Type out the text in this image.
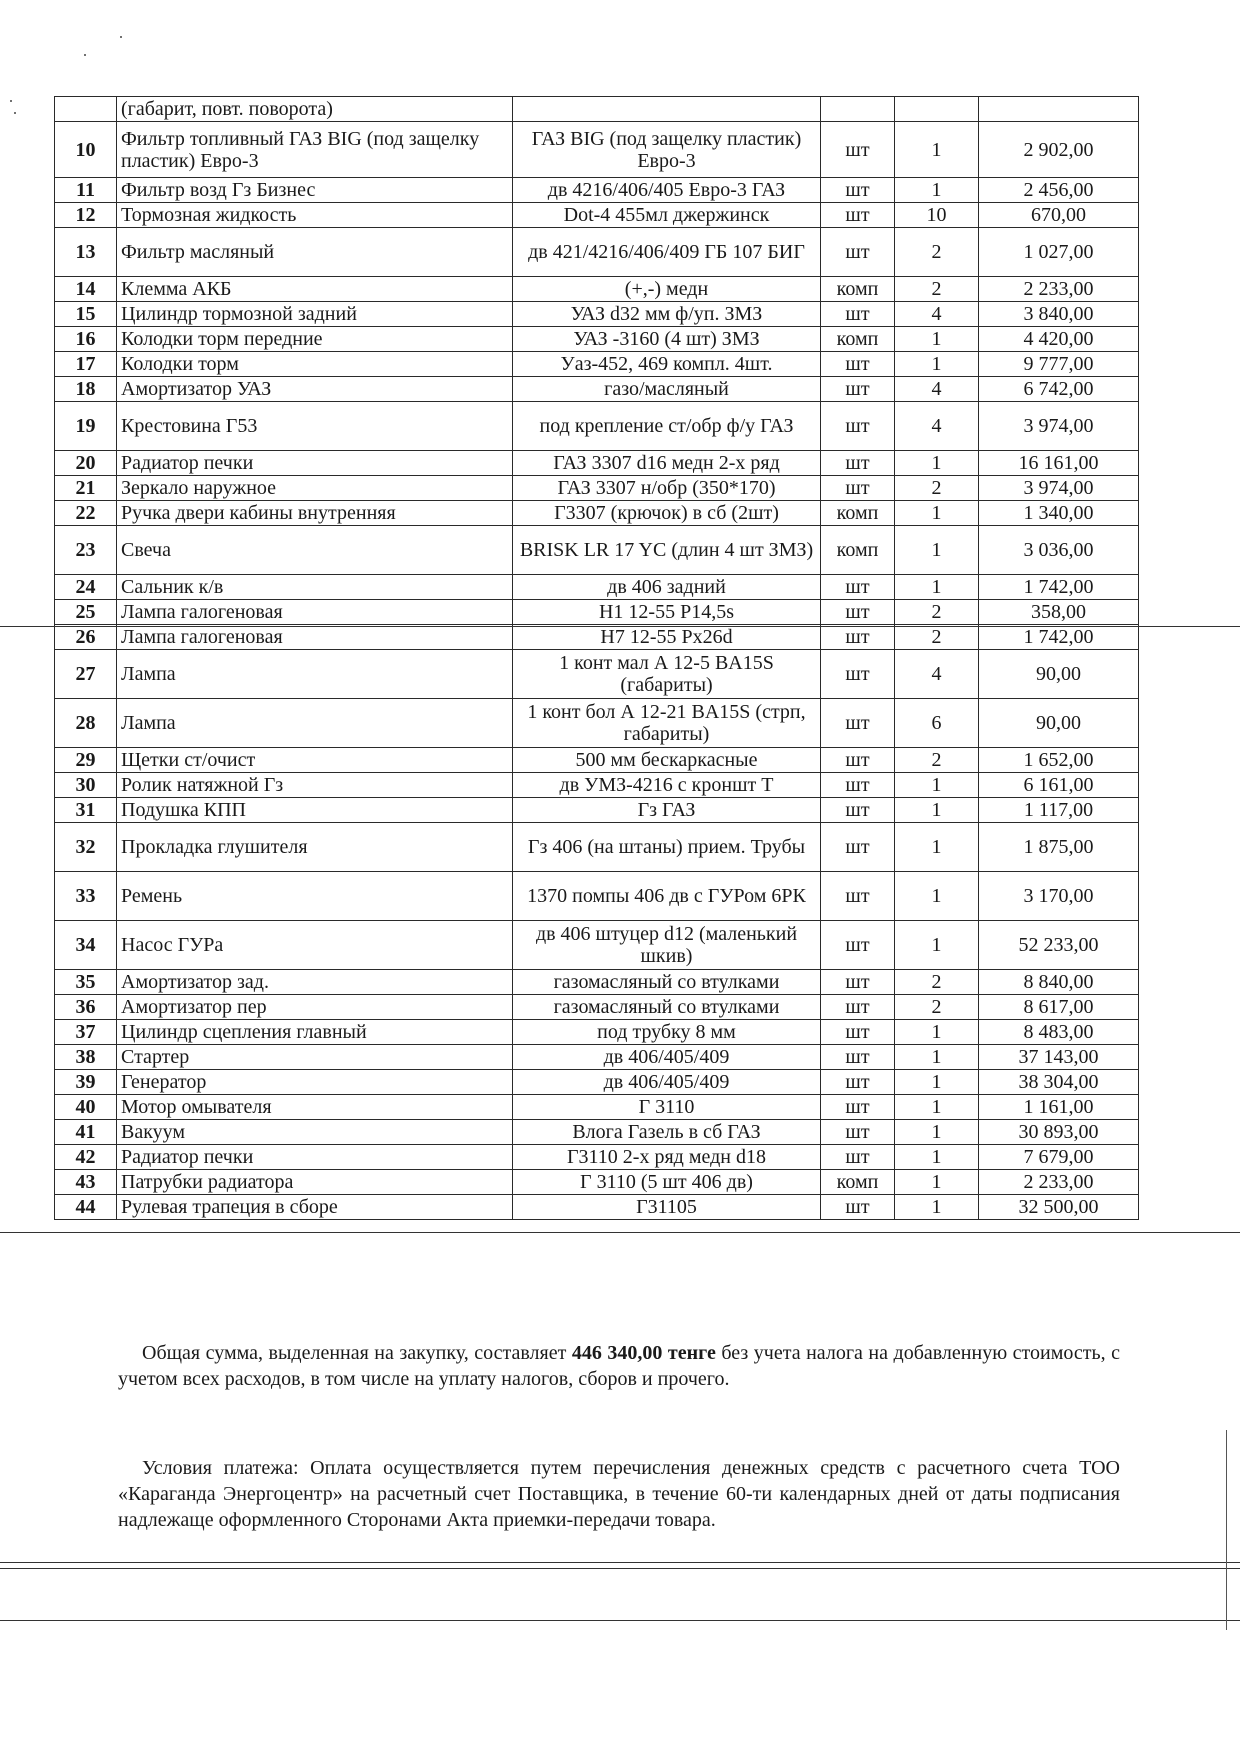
	(габарит, повт. поворота)				
10	Фильтр топливный ГАЗ BIG (под защелку пластик) Евро-3	ГАЗ BIG (под защелку пластик) Евро-3	шт	1	2 902,00
11	Фильтр возд Гз Бизнес	дв 4216/406/405 Евро-3 ГАЗ	шт	1	2 456,00
12	Тормозная жидкость	Dot-4 455мл джержинск	шт	10	670,00
13	Фильтр масляный	дв 421/4216/406/409 ГБ 107 БИГ	шт	2	1 027,00
14	Клемма АКБ	(+,-) медн	комп	2	2 233,00
15	Цилиндр тормозной задний	УАЗ d32 мм ф/уп. ЗМЗ	шт	4	3 840,00
16	Колодки торм передние	УАЗ -3160 (4 шт) ЗМЗ	комп	1	4 420,00
17	Колодки торм	Уаз-452, 469 компл. 4шт.	шт	1	9 777,00
18	Амортизатор УАЗ	газо/масляный	шт	4	6 742,00
19	Крестовина Г53	под крепление ст/обр ф/у ГАЗ	шт	4	3 974,00
20	Радиатор печки	ГАЗ 3307 d16 медн 2-х ряд	шт	1	16 161,00
21	Зеркало наружное	ГАЗ 3307 н/обр (350*170)	шт	2	3 974,00
22	Ручка двери кабины внутренняя	Г3307 (крючок) в сб (2шт)	комп	1	1 340,00
23	Свеча	BRISK LR 17 YC (длин 4 шт ЗМЗ)	комп	1	3 036,00
24	Сальник к/в	дв 406 задний	шт	1	1 742,00
25	Лампа галогеновая	H1 12-55 P14,5s	шт	2	358,00
26	Лампа галогеновая	H7 12-55 Px26d	шт	2	1 742,00
27	Лампа	1 конт мал А 12-5 BA15S (габариты)	шт	4	90,00
28	Лампа	1 конт бол А 12-21 BA15S (стрп, габариты)	шт	6	90,00
29	Щетки ст/очист	500 мм бескаркасные	шт	2	1 652,00
30	Ролик натяжной Гз	дв УМЗ-4216 с кроншт Т	шт	1	6 161,00
31	Подушка КПП	Гз ГАЗ	шт	1	1 117,00
32	Прокладка глушителя	Гз 406 (на штаны) прием. Трубы	шт	1	1 875,00
33	Ремень	1370 помпы 406 дв с ГУРом 6РК	шт	1	3 170,00
34	Насос ГУРа	дв 406 штуцер d12 (маленький шкив)	шт	1	52 233,00
35	Амортизатор зад.	газомасляный со втулками	шт	2	8 840,00
36	Амортизатор пер	газомасляный со втулками	шт	2	8 617,00
37	Цилиндр сцепления главный	под трубку 8 мм	шт	1	8 483,00
38	Стартер	дв 406/405/409	шт	1	37 143,00
39	Генератор	дв 406/405/409	шт	1	38 304,00
40	Мотор омывателя	Г 3110	шт	1	1 161,00
41	Вакуум	Влога Газель в сб ГАЗ	шт	1	30 893,00
42	Радиатор печки	Г3110 2-х ряд медн d18	шт	1	7 679,00
43	Патрубки радиатора	Г 3110 (5 шт 406 дв)	комп	1	2 233,00
44	Рулевая трапеция в сборе	Г31105	шт	1	32 500,00
Общая сумма, выделенная на закупку, составляет 446 340,00 тенге без учета налога на добавленную стоимость, с учетом всех расходов, в том числе на уплату налогов, сборов и прочего.
Условия платежа: Оплата осуществляется путем перечисления денежных средств с расчетного счета ТОО «Караганда Энергоцентр» на расчетный счет Поставщика, в течение 60-ти календарных дней от даты подписания надлежаще оформленного Сторонами Акта приемки-передачи товара.
